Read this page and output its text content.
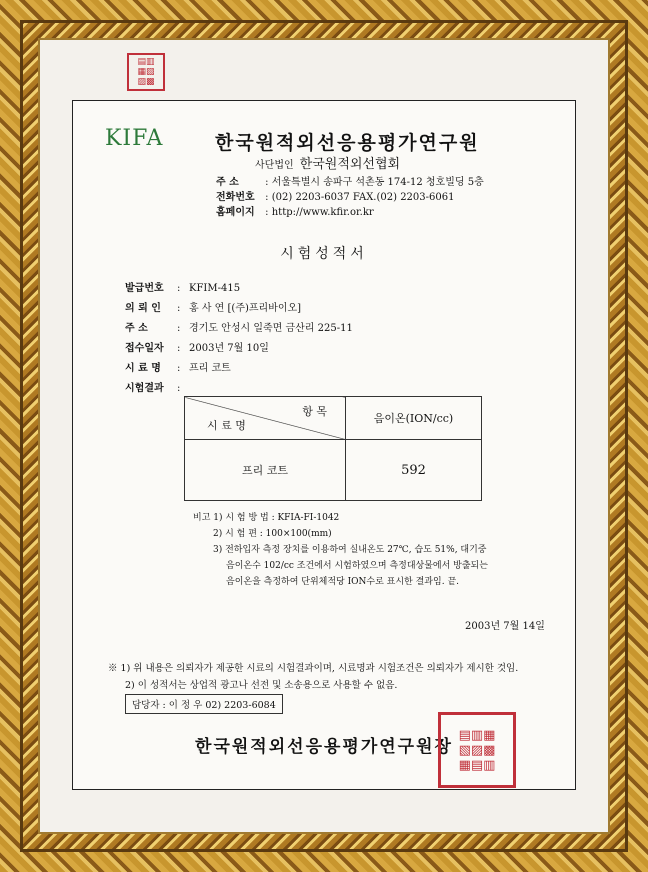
▤▥
▦▧
▨▩
KIFA	한국원적외선응용평가연구원
사단법인 한국원적외선협회
주 소 : 서울특별시 송파구 석촌동 174-12 청호빌딩 5층
전화번호 : (02) 2203-6037 FAX.(02) 2203-6061
홈페이지 : http://www.kfir.or.kr
시험성적서
발급번호 : KFIM-415
의 뢰 인 : 홍 사 연 [(주)프리바이오]
주 소	: 경기도 안성시 일죽면 금산리 225-11
접수일자 : 2003년 7월 10일
시 료 명 : 프리 코트
시험결과 :
항 목
시 료 명	음이온(ION/cc)
프리 코트	592
비고 1) 시 험 방 법 : KFIA-FI-1042
2) 시 험 편 : 100×100(mm)
3) 전하입자 측정 장치를 이용하여 실내온도 27℃, 습도 51%, 대기중
음이온수 102/cc 조건에서 시험하였으며 측정대상물에서 방출되는
음이온을 측정하여 단위체적당 ION수로 표시한 결과임. 끝.
2003년 7월 14일
※ 1) 위 내용은 의뢰자가 제공한 시료의 시험결과이며, 시료명과 시험조건은 의뢰자가 제시한 것임.
2) 이 성적서는 상업적 광고나 선전 및 소송용으로 사용할 수 없음.
담당자 : 이 정 우 02) 2203-6084
한국원적외선응용평가연구원장
▤▥▦
▧▨▩
▦▤▥
